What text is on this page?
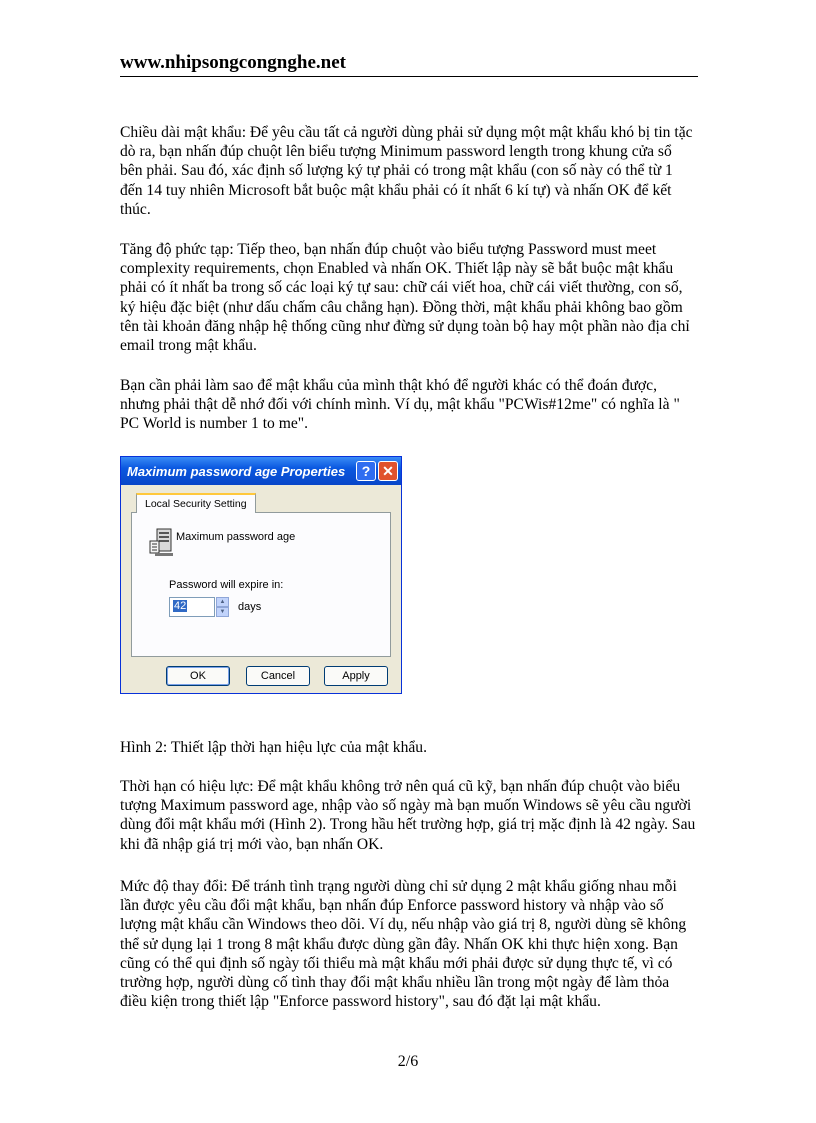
www.nhipsongcongnghe.net

Chiều dài mật khẩu: Để yêu cầu tất cả người dùng phải sử dụng một mật khẩu khó bị tin tặc dò ra, bạn nhấn đúp chuột lên biểu tượng Minimum password length trong khung cửa sổ bên phải. Sau đó, xác định số lượng ký tự phải có trong mật khẩu (con số này có thể từ 1 đến 14 tuy nhiên Microsoft bắt buộc mật khẩu phải có ít nhất 6 kí tự) và nhấn OK để kết thúc.

Tăng độ phức tạp: Tiếp theo, bạn nhấn đúp chuột vào biểu tượng Password must meet complexity requirements, chọn Enabled và nhấn OK. Thiết lập này sẽ bắt buộc mật khẩu phải có ít nhất ba trong số các loại ký tự sau: chữ cái viết hoa, chữ cái viết thường, con số, ký hiệu đặc biệt (như dấu chấm câu chẳng hạn). Đồng thời, mật khẩu phải không bao gồm tên tài khoản đăng nhập hệ thống cũng như đừng sử dụng toàn bộ hay một phần nào địa chỉ email trong mật khẩu.

Bạn cần phải làm sao để mật khẩu của mình thật khó để người khác có thể đoán được, nhưng phải thật dễ nhớ đối với chính mình. Ví dụ, mật khẩu "PCWis#12me" có nghĩa là " PC World is number 1 to me".

Maximum password age Properties	? ✕
Local Security Setting
Maximum password age
Password will expire in:
42	▲
▼	days
OK	Cancel	Apply

Hình 2: Thiết lập thời hạn hiệu lực của mật khẩu.

Thời hạn có hiệu lực: Để mật khẩu không trở nên quá cũ kỹ, bạn nhấn đúp chuột vào biểu tượng Maximum password age, nhập vào số ngày mà bạn muốn Windows sẽ yêu cầu người dùng đổi mật khẩu mới (Hình 2). Trong hầu hết trường hợp, giá trị mặc định là 42 ngày. Sau khi đã nhập giá trị mới vào, bạn nhấn OK.

Mức độ thay đổi: Để tránh tình trạng người dùng chỉ sử dụng 2 mật khẩu giống nhau mỗi lần được yêu cầu đổi mật khẩu, bạn nhấn đúp Enforce password history và nhập vào số lượng mật khẩu cần Windows theo dõi. Ví dụ, nếu nhập vào giá trị 8, người dùng sẽ không thể sử dụng lại 1 trong 8 mật khẩu được dùng gần đây. Nhấn OK khi thực hiện xong. Bạn cũng có thể qui định số ngày tối thiểu mà mật khẩu mới phải được sử dụng thực tế, vì có trường hợp, người dùng cố tình thay đổi mật khẩu nhiều lần trong một ngày để làm thỏa điều kiện trong thiết lập "Enforce password history", sau đó đặt lại mật khẩu.

2/6
